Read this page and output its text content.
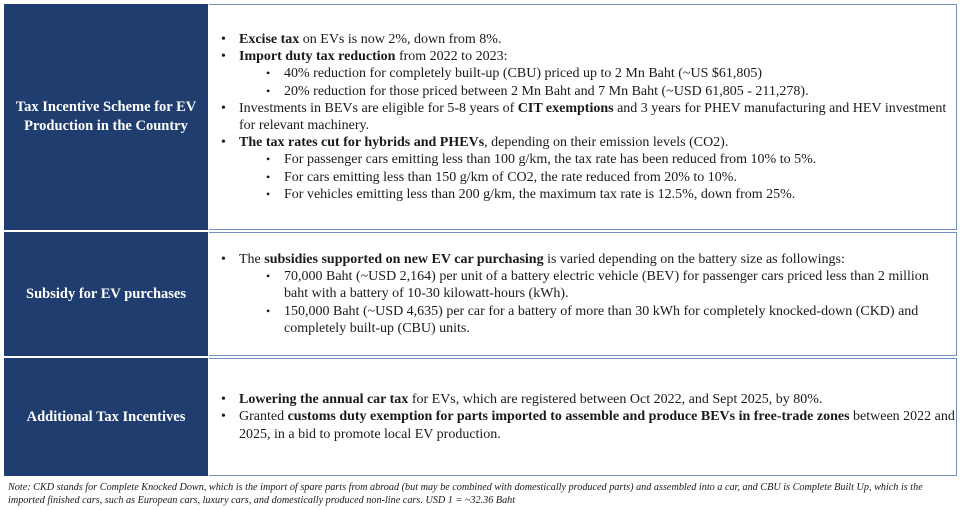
Tax Incentive Scheme for EV Production in the Country
• Excise tax on EVs is now 2%, down from 8%.
• Import duty tax reduction from 2022 to 2023:
• 40% reduction for completely built-up (CBU) priced up to 2 Mn Baht (~US $61,805)
• 20% reduction for those priced between 2 Mn Baht and 7 Mn Baht (~USD 61,805 - 211,278).
• Investments in BEVs are eligible for 5-8 years of CIT exemptions and 3 years for PHEV manufacturing and HEV investment for relevant machinery.
• The tax rates cut for hybrids and PHEVs, depending on their emission levels (CO2).
• For passenger cars emitting less than 100 g/km, the tax rate has been reduced from 10% to 5%.
• For cars emitting less than 150 g/km of CO2, the rate reduced from 20% to 10%.
• For vehicles emitting less than 200 g/km, the maximum tax rate is 12.5%, down from 25%.
Subsidy for EV purchases
• The subsidies supported on new EV car purchasing is varied depending on the battery size as followings:
• 70,000 Baht (~USD 2,164) per unit of a battery electric vehicle (BEV) for passenger cars priced less than 2 million baht with a battery of 10-30 kilowatt-hours (kWh).
• 150,000 Baht (~USD 4,635) per car for a battery of more than 30 kWh for completely knocked-down (CKD) and completely built-up (CBU) units.
Additional Tax Incentives
• Lowering the annual car tax for EVs, which are registered between Oct 2022, and Sept 2025, by 80%.
• Granted customs duty exemption for parts imported to assemble and produce BEVs in free-trade zones between 2022 and 2025, in a bid to promote local EV production.
Note: CKD stands for Complete Knocked Down, which is the import of spare parts from abroad (but may be combined with domestically produced parts) and assembled into a car, and CBU is Complete Built Up, which is the imported finished cars, such as European cars, luxury cars, and domestically produced non-line cars. USD 1 = ~32.36 Baht
